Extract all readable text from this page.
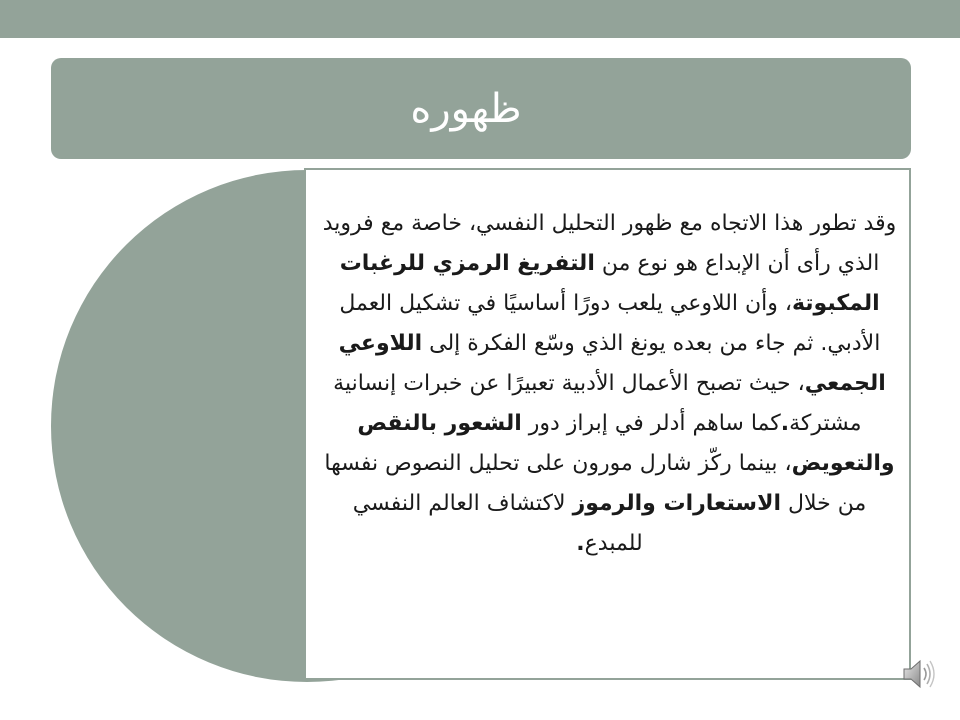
ظهوره

وقد تطور هذا الاتجاه مع ظهور التحليل النفسي، خاصة مع فرويد الذي رأى أن الإبداع هو نوع من التفريغ الرمزي للرغبات المكبوتة، وأن اللاوعي يلعب دورًا أساسيًا في تشكيل العمل الأدبي. ثم جاء من بعده يونغ الذي وسّع الفكرة إلى اللاوعي الجمعي، حيث تصبح الأعمال الأدبية تعبيرًا عن خبرات إنسانية مشتركة.كما ساهم أدلر في إبراز دور الشعور بالنقص والتعويض، بينما ركّز شارل مورون على تحليل النصوص نفسها من خلال الاستعارات والرموز لاكتشاف العالم النفسي للمبدع.
